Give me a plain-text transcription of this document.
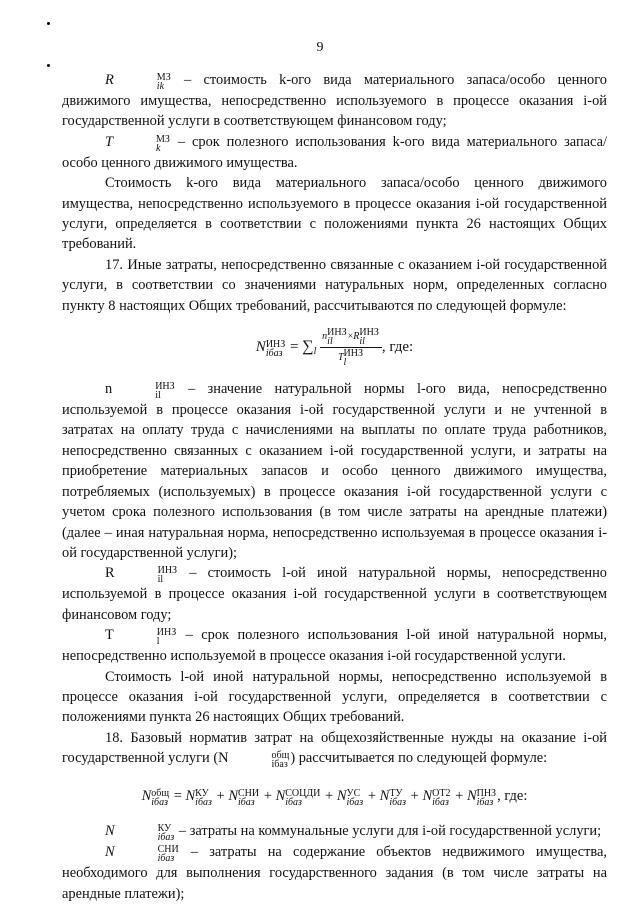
9

R	МЗ
ik – стоимость k-ого вида материального запаса/особо ценного движимого имущества, непосредственно используемого в процессе оказания i-ой государственной услуги в соответствующем финансовом году;

T	МЗ
k – срок полезного использования k-ого вида материального запаса/особо ценного движимого имущества.

Стоимость k-ого вида материального запаса/особо ценного движимого имущества, непосредственно используемого в процессе оказания i-ой государственной услуги, определяется в соответствии с положениями пункта 26 настоящих Общих требований.

17. Иные затраты, непосредственно связанные с оказанием i-ой государственной услуги, в соответствии со значениями натуральных норм, определенных согласно пункту 8 настоящих Общих требований, рассчитываются по следующей формуле:

N ИНЗ
iбаз = $\sum_l$ n ИНЗ
il	×R ИНЗ
il
T ИНЗ
l , где:

n	ИНЗ
il	– значение натуральной нормы l-ого вида, непосредственно используемой в процессе оказания i-ой государственной услуги и не учтенной в затратах на оплату труда с начислениями на выплаты по оплате труда работников, непосредственно связанных с оказанием i-ой государственной услуги, и затраты на приобретение материальных запасов и особо ценного движимого имущества, потребляемых (используемых) в процессе оказания i-ой государственной услуги с учетом срока полезного использования (в том числе затраты на арендные платежи) (далее – иная натуральная норма, непосредственно используемая в процессе оказания i-ой государственной услуги);

R	ИНЗ
il	– стоимость l-ой иной натуральной нормы, непосредственно используемой в процессе оказания i-ой государственной услуги в соответствующем финансовом году;

T	ИНЗ
l	– срок полезного использования l-ой иной натуральной нормы, непосредственно используемой в процессе оказания i-ой государственной услуги.

Стоимость l-ой иной натуральной нормы, непосредственно используемой в процессе оказания i-ой государственной услуги, определяется в соответствии с положениями пункта 26 настоящих Общих требований.

18. Базовый норматив затрат на общехозяйственные нужды на оказание i-ой государственной услуги (N	общ
iбаз ) рассчитывается по следующей формуле:

N общ
iбаз = N КУ
iбаз + N СНИ
iбаз + N СОЦДИ
iбаз	+ N УС
iбаз + N ТУ
iбаз + N ОТ2
iбаз + N ПНЗ
iбаз , где:

N	КУ
iбаз – затраты на коммунальные услуги для i-ой государственной услуги;

N	СНИ
iбаз – затраты на содержание объектов недвижимого имущества, необходимого для выполнения государственного задания (в том числе затраты на арендные платежи);
